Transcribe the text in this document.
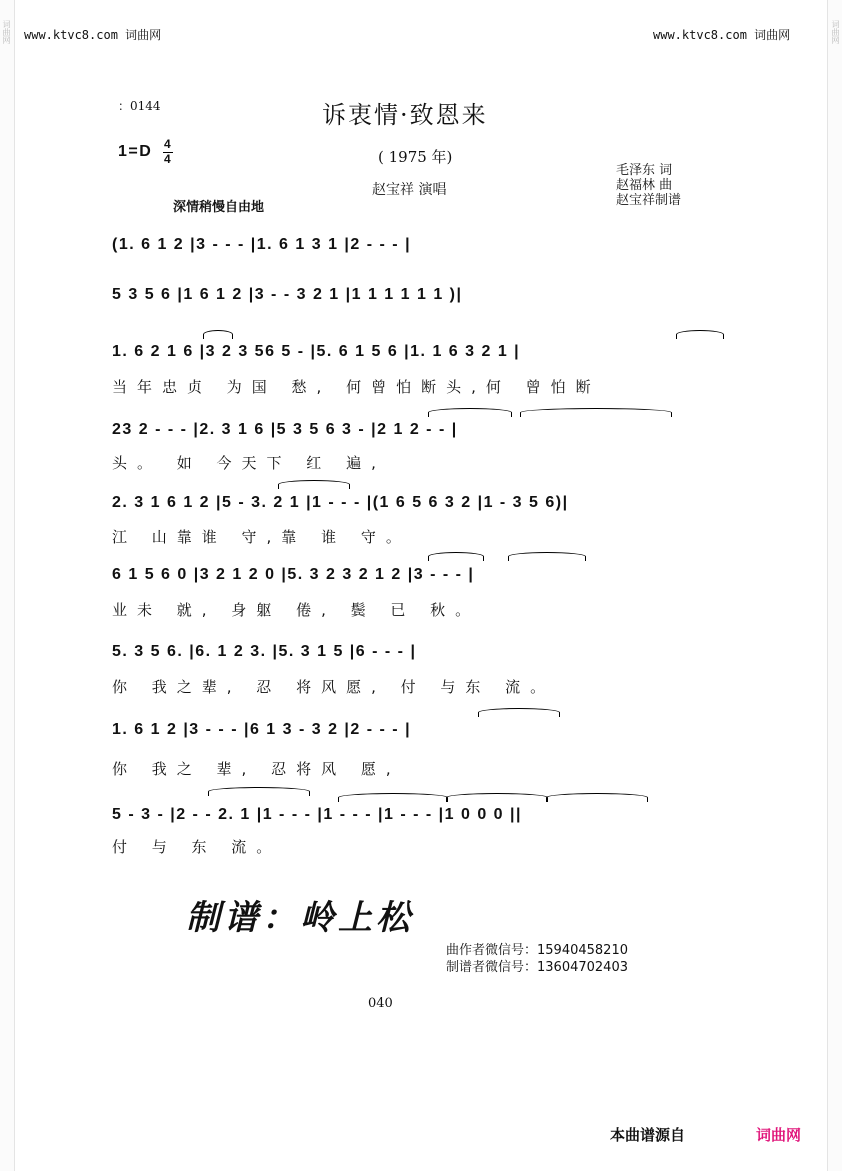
词曲网	词曲网
www.ktvc8.com 词曲网	www.ktvc8.com 词曲网
：0144	诉衷情·致恩来
( 1975 年)
1=D 4
4
赵宝祥 演唱
深情稍慢自由地
毛泽东 词
赵福林 曲
赵宝祥制谱
(1. 6 1 2 |3 - - - |1. 6 1 3 1 |2 - - - |
5 3 5 6 |1 6 1 2 |3 - - 3 2 1 |1 1 1 1 1 1 )|
1. 6 2 1 6 |3 2 3 56 5 - |5. 6 1 5 6 |1. 1 6 3 2 1 |
当年忠贞 为国 愁, 何曾怕断头,何 曾怕断
23 2 - - - |2. 3 1 6 |5 3 5 6 3 - |2 1 2 - - |
头。 如 今天下 红 遍,
2. 3 1 6 1 2 |5 - 3. 2 1 |1 - - - |(1 6 5 6 3 2 |1 - 3 5 6)|
江 山靠谁 守,靠 谁 守。
6 1 5 6 0 |3 2 1 2 0 |5. 3 2 3 2 1 2 |3 - - - |
业未 就, 身躯 倦, 鬓 已 秋。
5. 3 5 6. |6. 1 2 3. |5. 3 1 5 |6 - - - |
你 我之辈, 忍 将风愿, 付 与东 流。
1. 6 1 2 |3 - - - |6 1 3 - 3 2 |2 - - - |
你 我之 辈, 忍将风 愿,
5 - 3 - |2 - - 2. 1 |1 - - - |1 - - - |1 - - - |1 0 0 0 ||
付 与 东 流。
制谱：岭上松
曲作者微信号：15940458210
制谱者微信号：13604702403
040
本曲谱源自	词曲网
